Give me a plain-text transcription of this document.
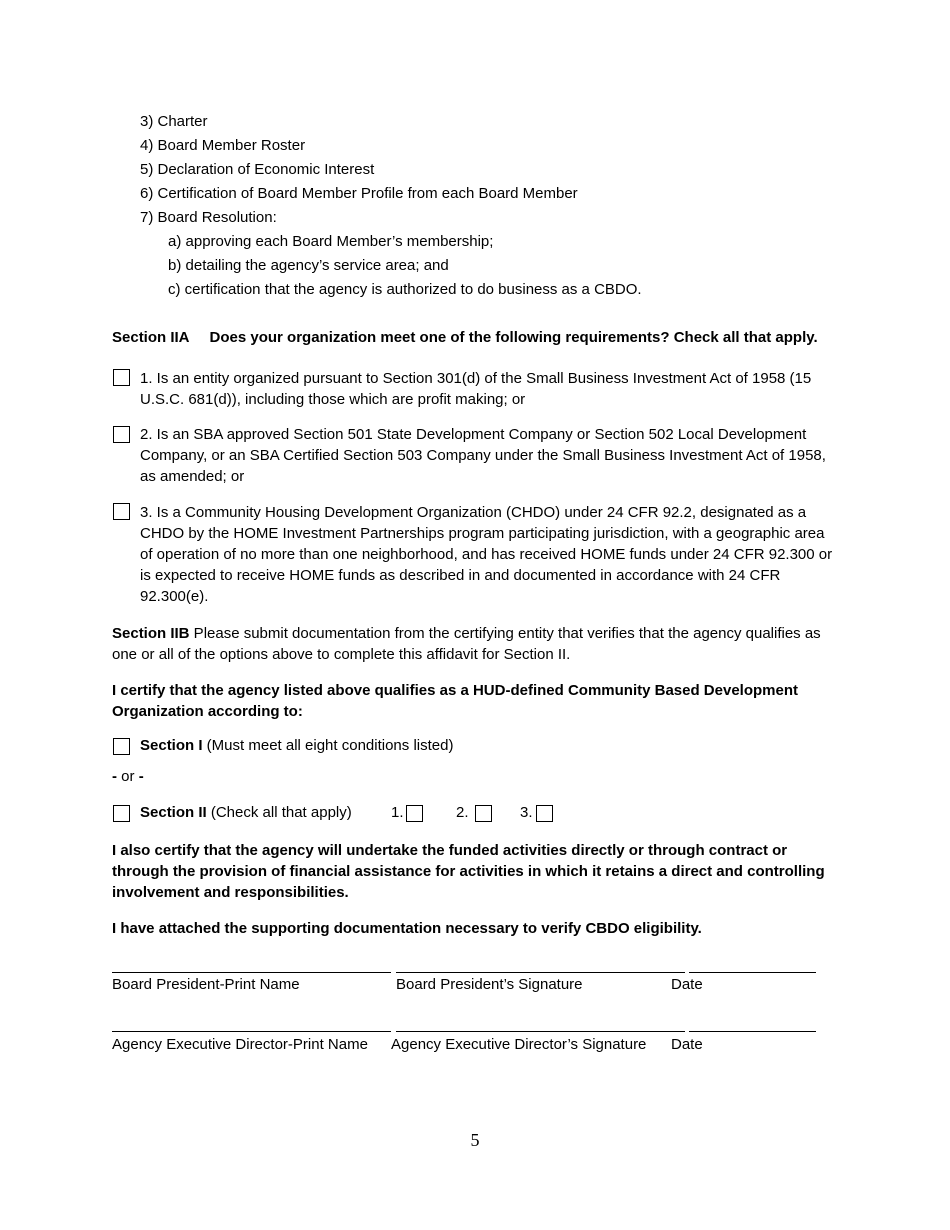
3) Charter
4) Board Member Roster
5) Declaration of Economic Interest
6) Certification of Board Member Profile from each Board Member
7) Board Resolution:
a) approving each Board Member’s membership;
b) detailing the agency’s service area; and
c) certification that the agency is authorized to do business as a CBDO.
Section IIA Does your organization meet one of the following requirements? Check all that apply.
1. Is an entity organized pursuant to Section 301(d) of the Small Business Investment Act of 1958 (15 U.S.C. 681(d)), including those which are profit making; or
2. Is an SBA approved Section 501 State Development Company or Section 502 Local Development Company, or an SBA Certified Section 503 Company under the Small Business Investment Act of 1958, as amended; or
3. Is a Community Housing Development Organization (CHDO) under 24 CFR 92.2, designated as a CHDO by the HOME Investment Partnerships program participating jurisdiction, with a geographic area of operation of no more than one neighborhood, and has received HOME funds under 24 CFR 92.300 or is expected to receive HOME funds as described in and documented in accordance with 24 CFR 92.300(e).
Section IIB Please submit documentation from the certifying entity that verifies that the agency qualifies as one or all of the options above to complete this affidavit for Section II.
I certify that the agency listed above qualifies as a HUD-defined Community Based Development Organization according to:
Section I (Must meet all eight conditions listed)
- or -
Section II (Check all that apply)	1.	2.	3.
I also certify that the agency will undertake the funded activities directly or through contract or through the provision of financial assistance for activities in which it retains a direct and controlling involvement and responsibilities.
I have attached the supporting documentation necessary to verify CBDO eligibility.
Board President-Print Name	Board President’s Signature	Date
Agency Executive Director-Print Name Agency Executive Director’s Signature Date
5
